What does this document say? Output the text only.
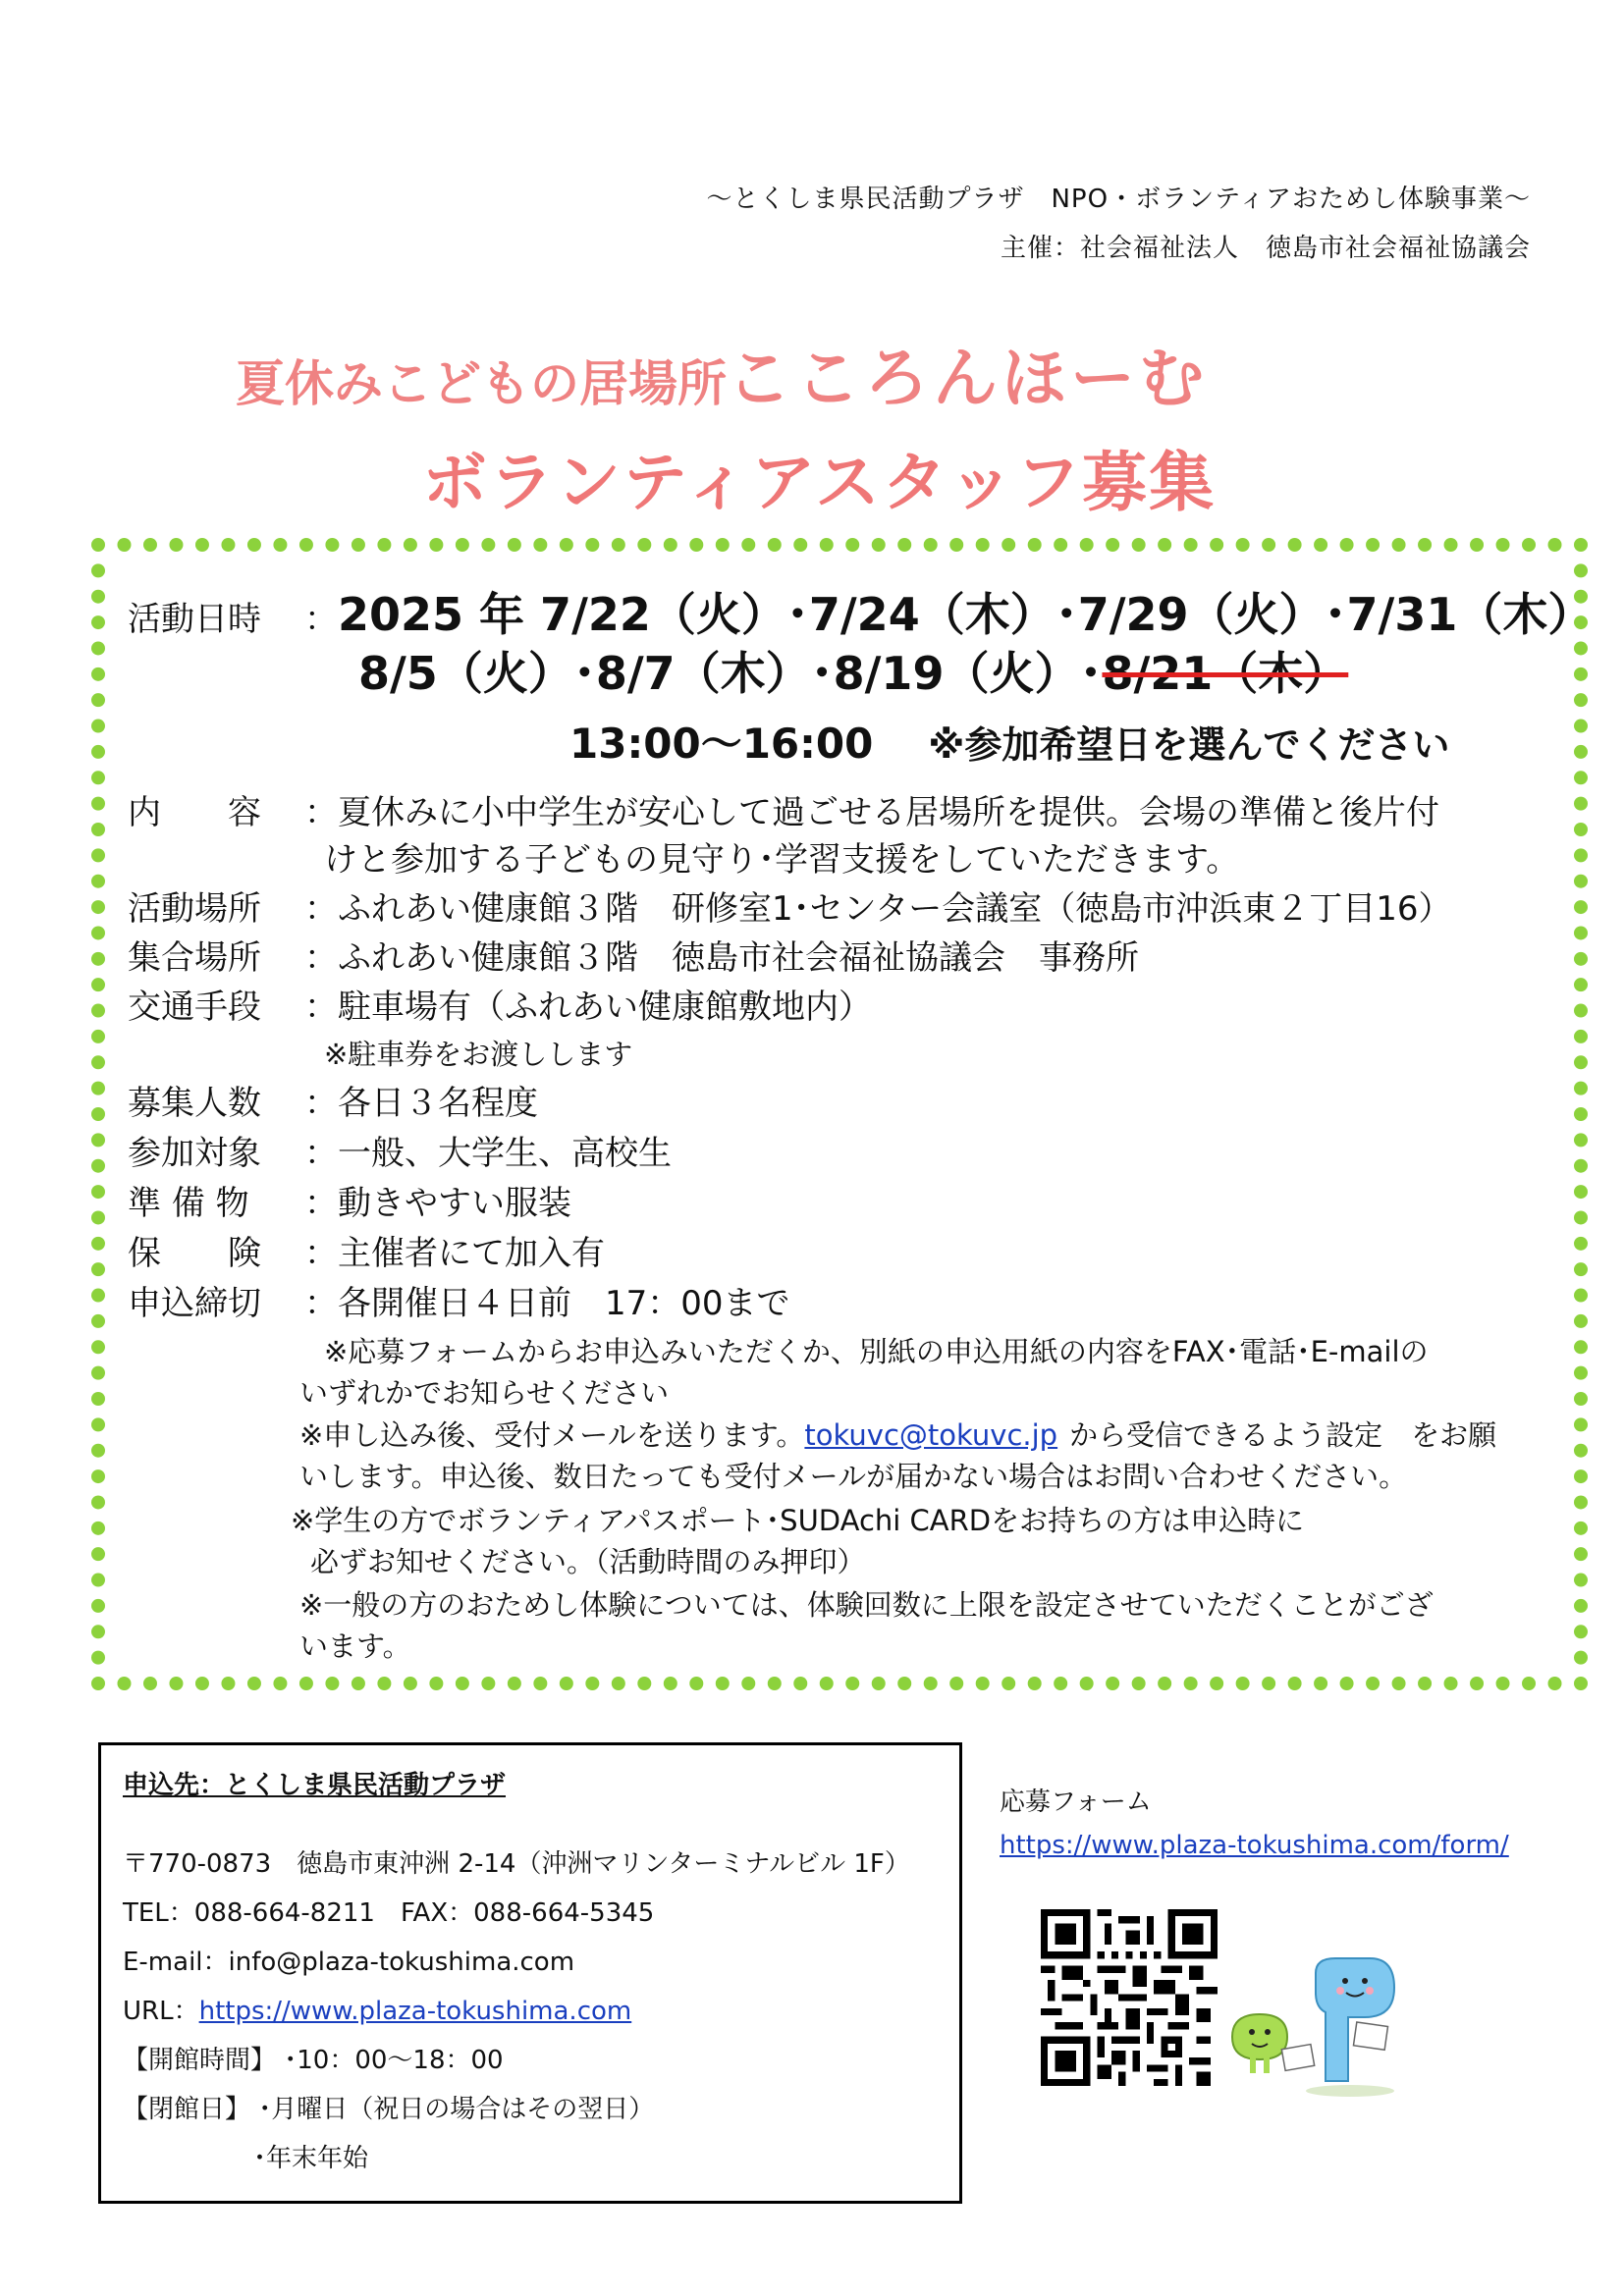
～とくしま県民活動プラザ　NPO・ボランティアおためし体験事業～
主催：社会福祉法人　徳島市社会福祉協議会
夏休みこどもの居場所こころんほーむ
ボランティアスタッフ募集
活動日時 ：2025 年 7/22（火）･7/24（木）･7/29（火）･7/31（木）
8/5（火）･8/7（木）･8/19（火）･8/21（木）
13:00～16:00 ※参加希望日を選んでください
内　　容 ：夏休みに小中学生が安心して過ごせる居場所を提供。会場の準備と後片付
けと参加する子どもの見守り･学習支援をしていただきます。
活動場所 ：ふれあい健康館３階　研修室1･センター会議室（徳島市沖浜東２丁目16）
集合場所 ：ふれあい健康館３階　徳島市社会福祉協議会　事務所
交通手段 ：駐車場有（ふれあい健康館敷地内）
※駐車券をお渡しします
募集人数 ：各日３名程度
参加対象 ：一般、大学生、高校生
準 備 物 ：動きやすい服装
保　　険 ：主催者にて加入有
申込締切 ：各開催日４日前　17：00まで
※応募フォームからお申込みいただくか、別紙の申込用紙の内容をFAX･電話･E-mailの
いずれかでお知らせください
※申し込み後、受付メールを送ります。tokuvc@tokuvc.jp から受信できるよう設定　をお願
いします。申込後、数日たっても受付メールが届かない場合はお問い合わせください。
※学生の方でボランティアパスポート･SUDAchi CARDをお持ちの方は申込時に
必ずお知せください。（活動時間のみ押印）
※一般の方のおためし体験については、体験回数に上限を設定させていただくことがござ
います。
申込先：とくしま県民活動プラザ
〒770-0873　徳島市東沖洲 2-14（沖洲マリンターミナルビル 1F）
TEL：088-664-8211　FAX：088-664-5345
E-mail：info@plaza-tokushima.com
URL：https://www.plaza-tokushima.com
【開館時間】 ･10：00～18：00
【閉館日】 ･月曜日（祝日の場合はその翌日）
･年末年始
応募フォーム
https://www.plaza-tokushima.com/form/
